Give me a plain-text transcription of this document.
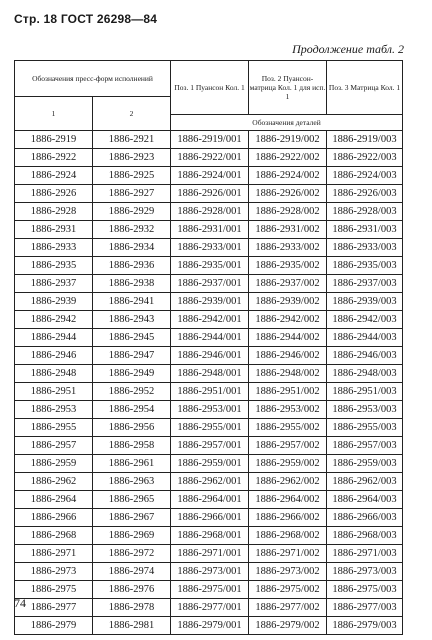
Стр. 18 ГОСТ 26298—84
Продолжение табл. 2
Обозначения пресс-форм исполнений		Поз. 1 Пуансон Кол. 1	Поз. 2 Пуансон-матрица Кол. 1 для исп. 1	Поз. 3 Матрица Кол. 1
1	2			
		Обозначения деталей		
1886-2919	1886-2921	1886-2919/001	1886-2919/002	1886-2919/003
1886-2922	1886-2923	1886-2922/001	1886-2922/002	1886-2922/003
1886-2924	1886-2925	1886-2924/001	1886-2924/002	1886-2924/003
1886-2926	1886-2927	1886-2926/001	1886-2926/002	1886-2926/003
1886-2928	1886-2929	1886-2928/001	1886-2928/002	1886-2928/003
1886-2931	1886-2932	1886-2931/001	1886-2931/002	1886-2931/003
1886-2933	1886-2934	1886-2933/001	1886-2933/002	1886-2933/003
1886-2935	1886-2936	1886-2935/001	1886-2935/002	1886-2935/003
1886-2937	1886-2938	1886-2937/001	1886-2937/002	1886-2937/003
1886-2939	1886-2941	1886-2939/001	1886-2939/002	1886-2939/003
1886-2942	1886-2943	1886-2942/001	1886-2942/002	1886-2942/003
1886-2944	1886-2945	1886-2944/001	1886-2944/002	1886-2944/003
1886-2946	1886-2947	1886-2946/001	1886-2946/002	1886-2946/003
1886-2948	1886-2949	1886-2948/001	1886-2948/002	1886-2948/003
1886-2951	1886-2952	1886-2951/001	1886-2951/002	1886-2951/003
1886-2953	1886-2954	1886-2953/001	1886-2953/002	1886-2953/003
1886-2955	1886-2956	1886-2955/001	1886-2955/002	1886-2955/003
1886-2957	1886-2958	1886-2957/001	1886-2957/002	1886-2957/003
1886-2959	1886-2961	1886-2959/001	1886-2959/002	1886-2959/003
1886-2962	1886-2963	1886-2962/001	1886-2962/002	1886-2962/003
1886-2964	1886-2965	1886-2964/001	1886-2964/002	1886-2964/003
1886-2966	1886-2967	1886-2966/001	1886-2966/002	1886-2966/003
1886-2968	1886-2969	1886-2968/001	1886-2968/002	1886-2968/003
1886-2971	1886-2972	1886-2971/001	1886-2971/002	1886-2971/003
1886-2973	1886-2974	1886-2973/001	1886-2973/002	1886-2973/003
1886-2975	1886-2976	1886-2975/001	1886-2975/002	1886-2975/003
1886-2977	1886-2978	1886-2977/001	1886-2977/002	1886-2977/003
1886-2979	1886-2981	1886-2979/001	1886-2979/002	1886-2979/003
74
